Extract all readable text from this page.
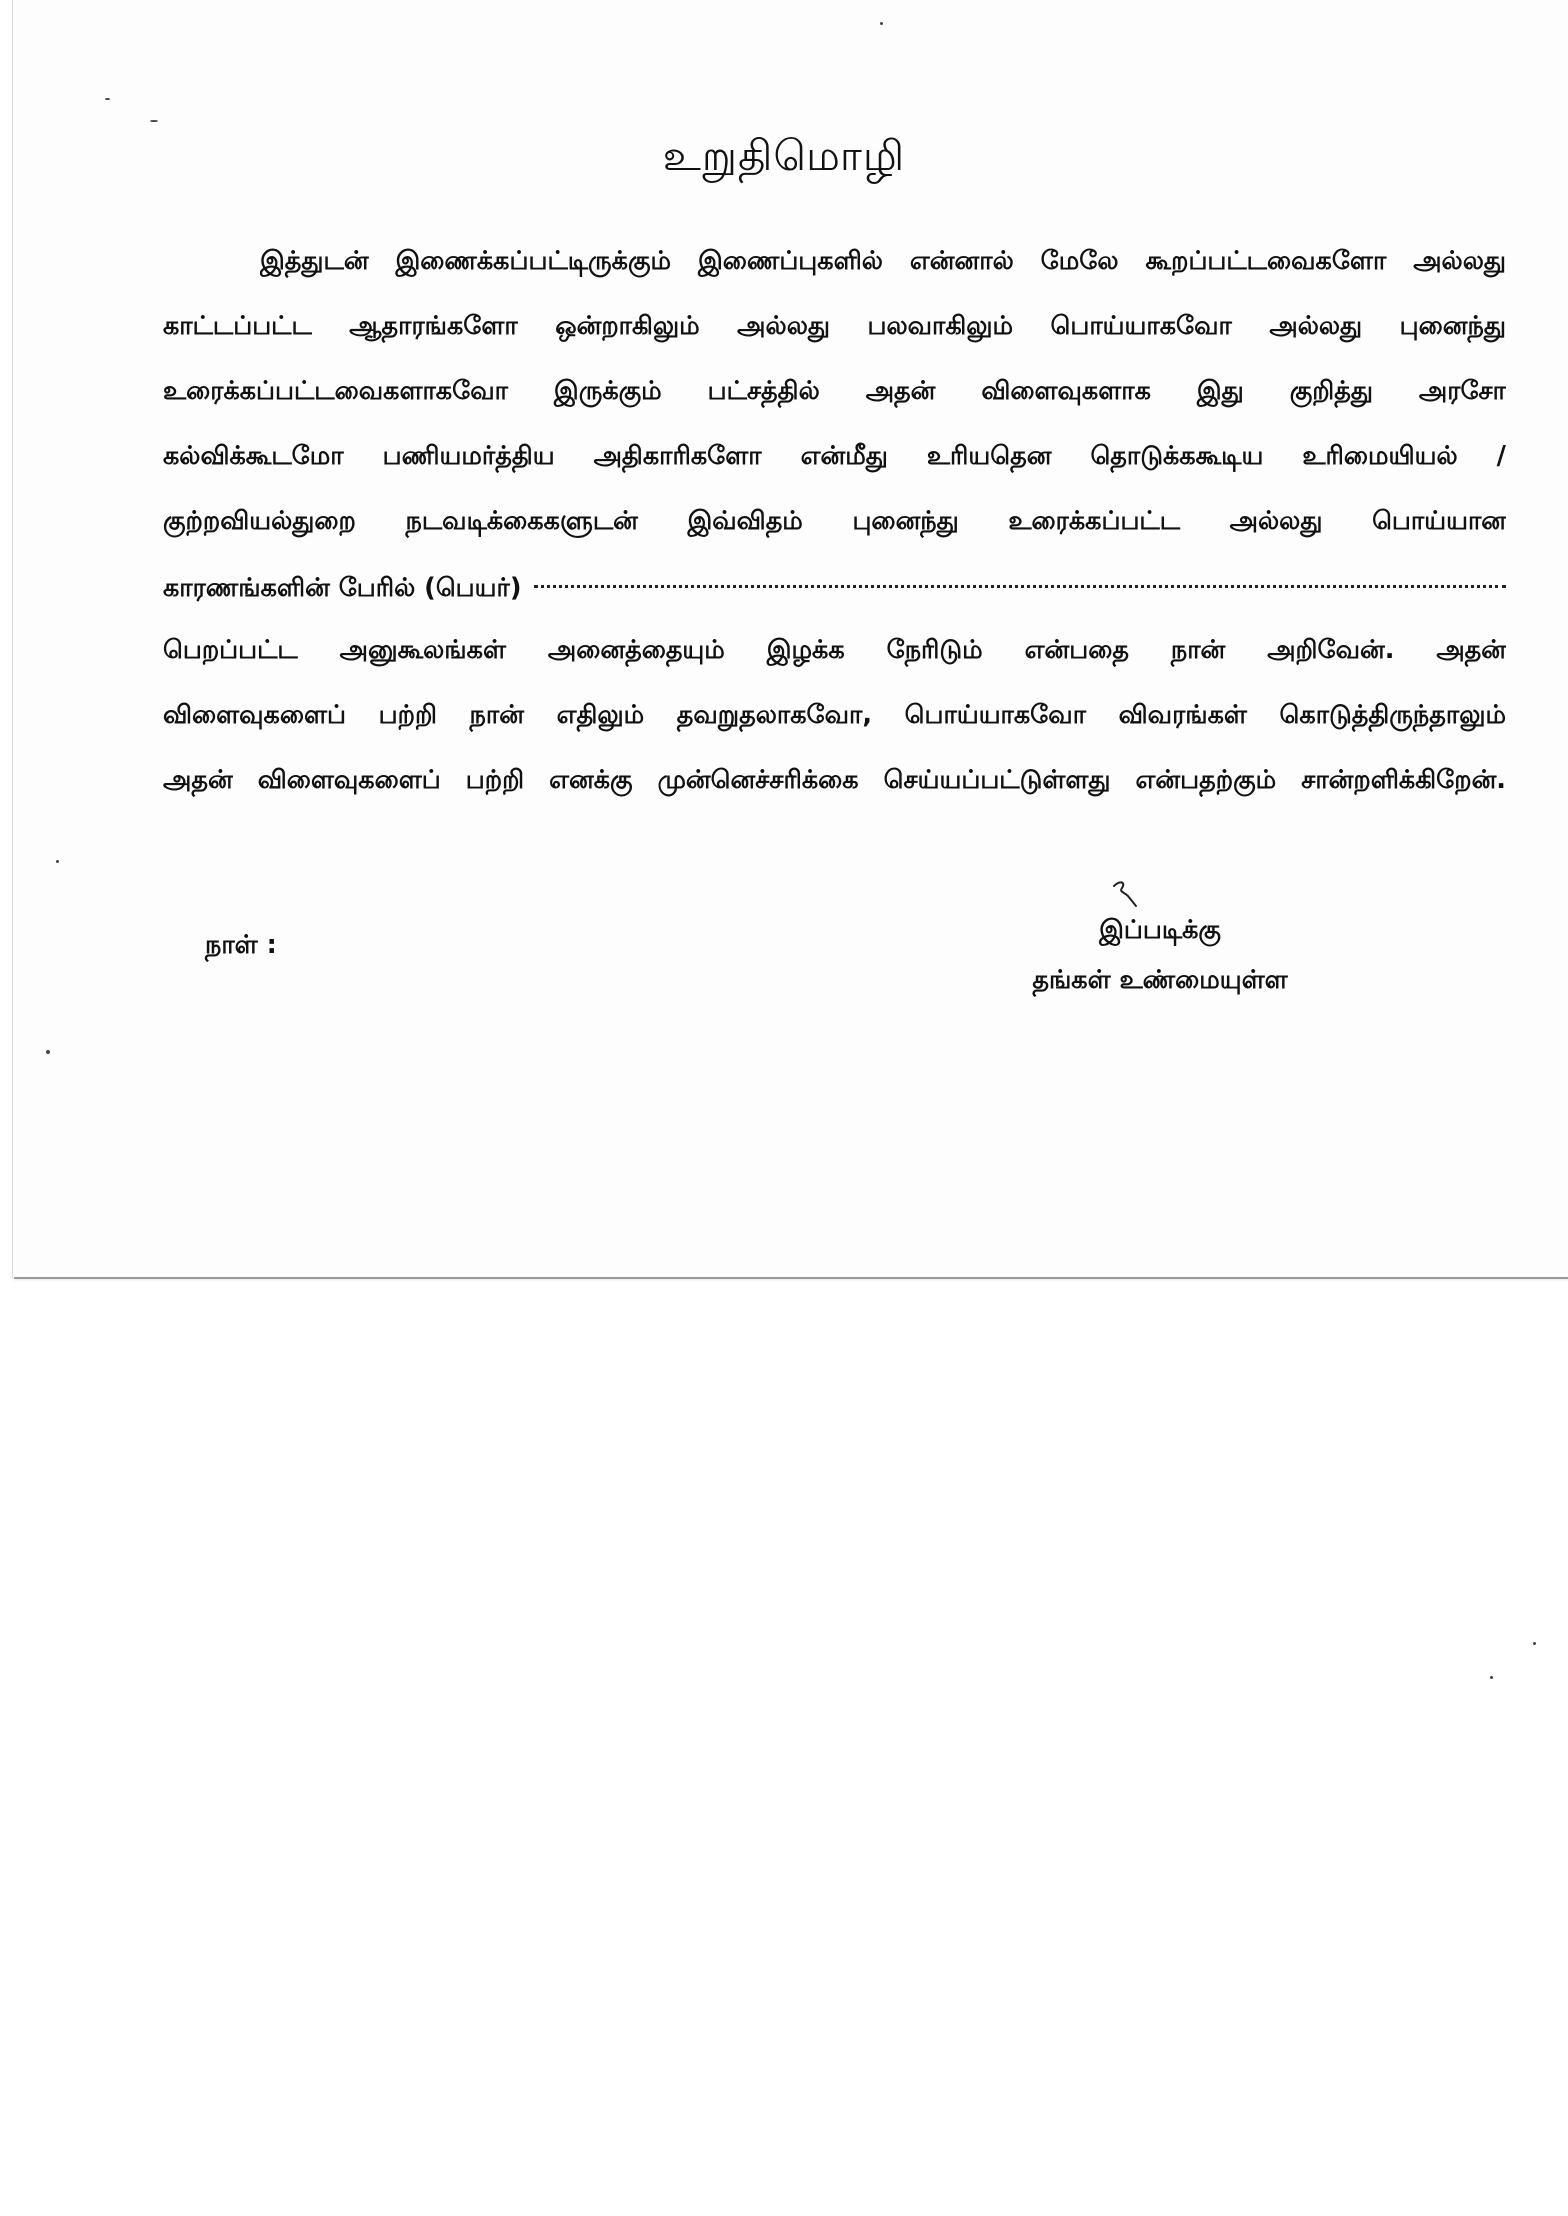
உறுதிமொழி
இத்துடன் இணைக்கப்பட்டிருக்கும் இணைப்புகளில் என்னால் மேலே கூறப்பட்டவைகளோ அல்லது
காட்டப்பட்ட ஆதாரங்களோ ஒன்றாகிலும் அல்லது பலவாகிலும் பொய்யாகவோ அல்லது புனைந்து
உரைக்கப்பட்டவைகளாகவோ இருக்கும் பட்சத்தில் அதன் விளைவுகளாக இது குறித்து அரசோ
கல்விக்கூடமோ பணியமர்த்திய அதிகாரிகளோ என்மீது உரியதென தொடுக்ககூடிய உரிமையியல் /
குற்றவியல்துறை நடவடிக்கைகளுடன் இவ்விதம் புனைந்து உரைக்கப்பட்ட அல்லது பொய்யான
காரணங்களின் பேரில் (பெயர்)
பெறப்பட்ட அனுகூலங்கள் அனைத்தையும் இழக்க நேரிடும் என்பதை நான் அறிவேன். அதன்
விளைவுகளைப் பற்றி நான் எதிலும் தவறுதலாகவோ, பொய்யாகவோ விவரங்கள் கொடுத்திருந்தாலும்
அதன் விளைவுகளைப் பற்றி எனக்கு முன்னெச்சரிக்கை செய்யப்பட்டுள்ளது என்பதற்கும் சான்றளிக்கிறேன்.
நாள் :	இப்படிக்கு
தங்கள் உண்மையுள்ள
